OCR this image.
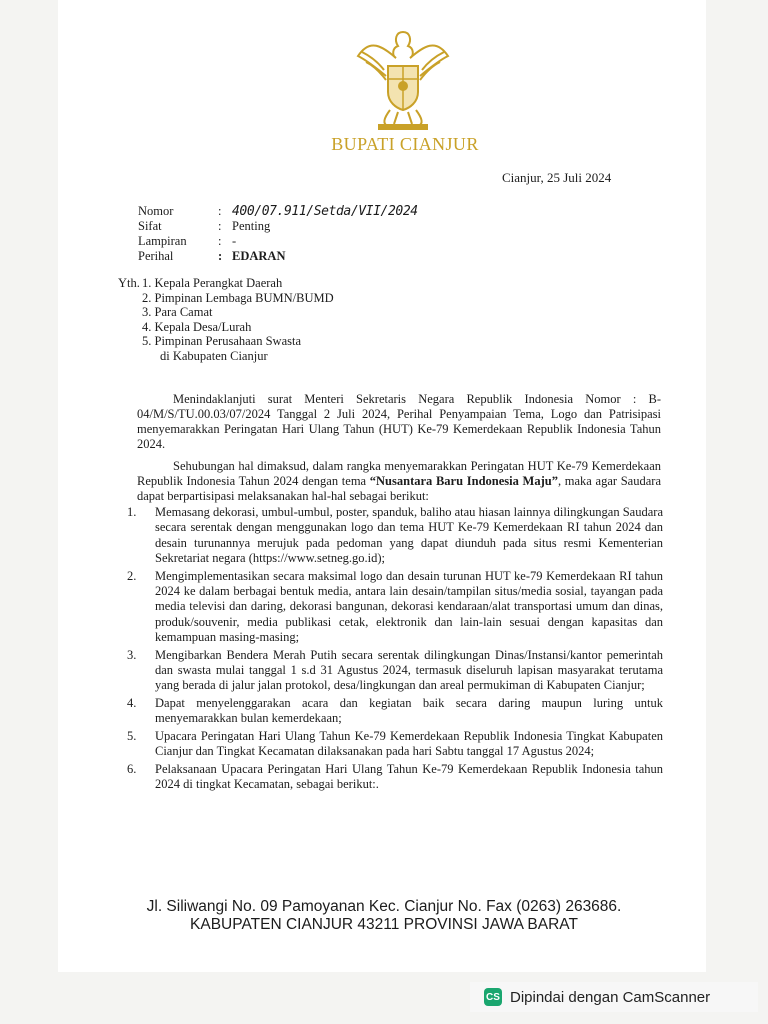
BUPATI CIANJUR
Cianjur, 25 Juli 2024
Nomor	: 400/07.911/Setda/VII/2024
Sifat	: Penting
Lampiran	: -
Perihal	: EDARAN
Yth. 1. Kepala Perangkat Daerah
2. Pimpinan Lembaga BUMN/BUMD
3. Para Camat
4. Kepala Desa/Lurah
5. Pimpinan Perusahaan Swasta
di Kabupaten Cianjur

Menindaklanjuti surat Menteri Sekretaris Negara Republik Indonesia Nomor : B-04/M/S/TU.00.03/07/2024 Tanggal 2 Juli 2024, Perihal Penyampaian Tema, Logo dan Patrisipasi menyemarakkan Peringatan Hari Ulang Tahun (HUT) Ke-79 Kemerdekaan Republik Indonesia Tahun 2024.

Sehubungan hal dimaksud, dalam rangka menyemarakkan Peringatan HUT Ke-79 Kemerdekaan Republik Indonesia Tahun 2024 dengan tema “Nusantara Baru Indonesia Maju”, maka agar Saudara dapat berpartisipasi melaksanakan hal-hal sebagai berikut:

1.	Memasang dekorasi, umbul-umbul, poster, spanduk, baliho atau hiasan lainnya dilingkungan Saudara secara serentak dengan menggunakan logo dan tema HUT Ke-79 Kemerdekaan RI tahun 2024 dan desain turunannya merujuk pada pedoman yang dapat diunduh pada situs resmi Kementerian Sekretariat negara (https://www.setneg.go.id);
2.	Mengimplementasikan secara maksimal logo dan desain turunan HUT ke-79 Kemerdekaan RI tahun 2024 ke dalam berbagai bentuk media, antara lain desain/tampilan situs/media sosial, tayangan pada media televisi dan daring, dekorasi bangunan, dekorasi kendaraan/alat transportasi umum dan dinas, produk/souvenir, media publikasi cetak, elektronik dan lain-lain sesuai dengan kapasitas dan kemampuan masing-masing;
3.	Mengibarkan Bendera Merah Putih secara serentak dilingkungan Dinas/Instansi/kantor pemerintah dan swasta mulai tanggal 1 s.d 31 Agustus 2024, termasuk diseluruh lapisan masyarakat terutama yang berada di jalur jalan protokol, desa/lingkungan dan areal permukiman di Kabupaten Cianjur;
4.	Dapat menyelenggarakan acara dan kegiatan baik secara daring maupun luring untuk menyemarakkan bulan kemerdekaan;
5.	Upacara Peringatan Hari Ulang Tahun Ke-79 Kemerdekaan Republik Indonesia Tingkat Kabupaten Cianjur dan Tingkat Kecamatan dilaksanakan pada hari Sabtu tanggal 17 Agustus 2024;
6.	Pelaksanaan Upacara Peringatan Hari Ulang Tahun Ke-79 Kemerdekaan Republik Indonesia tahun 2024 di tingkat Kecamatan, sebagai berikut:.
Jl. Siliwangi No. 09 Pamoyanan Kec. Cianjur No. Fax (0263) 263686.
KABUPATEN CIANJUR 43211 PROVINSI JAWA BARAT
CS Dipindai dengan CamScanner
